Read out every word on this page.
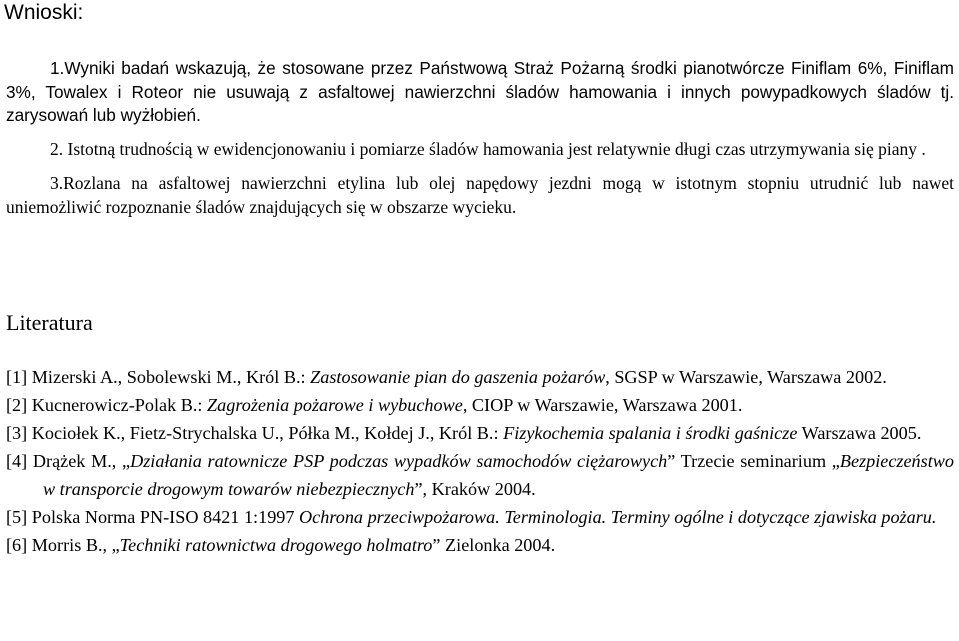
Wnioski:

1.Wyniki badań wskazują, że stosowane przez Państwową Straż Pożarną środki pianotwórcze Finiflam 6%, Finiflam 3%, Towalex i Roteor nie usuwają z asfaltowej nawierzchni śladów hamowania i innych powypadkowych śladów tj. zarysowań lub wyżłobień.

2. Istotną trudnością w ewidencjonowaniu i pomiarze śladów hamowania jest relatywnie długi czas utrzymywania się piany .

3.Rozlana na asfaltowej nawierzchni etylina lub olej napędowy jezdni mogą w istotnym stopniu utrudnić lub nawet uniemożliwić rozpoznanie śladów znajdujących się w obszarze wycieku.

Literatura
[1] Mizerski A., Sobolewski M., Król B.: Zastosowanie pian do gaszenia pożarów, SGSP w Warszawie, Warszawa 2002.
[2] Kucnerowicz-Polak B.: Zagrożenia pożarowe i wybuchowe, CIOP w Warszawie, Warszawa 2001.
[3] Kociołek K., Fietz-Strychalska U., Półka M., Kołdej J., Król B.: Fizykochemia spalania i środki gaśnicze Warszawa 2005.
[4] Drążek M., „Działania ratownicze PSP podczas wypadków samochodów ciężarowych” Trzecie seminarium „Bezpieczeństwo w transporcie drogowym towarów niebezpiecznych”, Kraków 2004.
[5] Polska Norma PN-ISO 8421 1:1997 Ochrona przeciwpożarowa. Terminologia. Terminy ogólne i dotyczące zjawiska pożaru.
[6] Morris B., „Techniki ratownictwa drogowego holmatro” Zielonka 2004.
